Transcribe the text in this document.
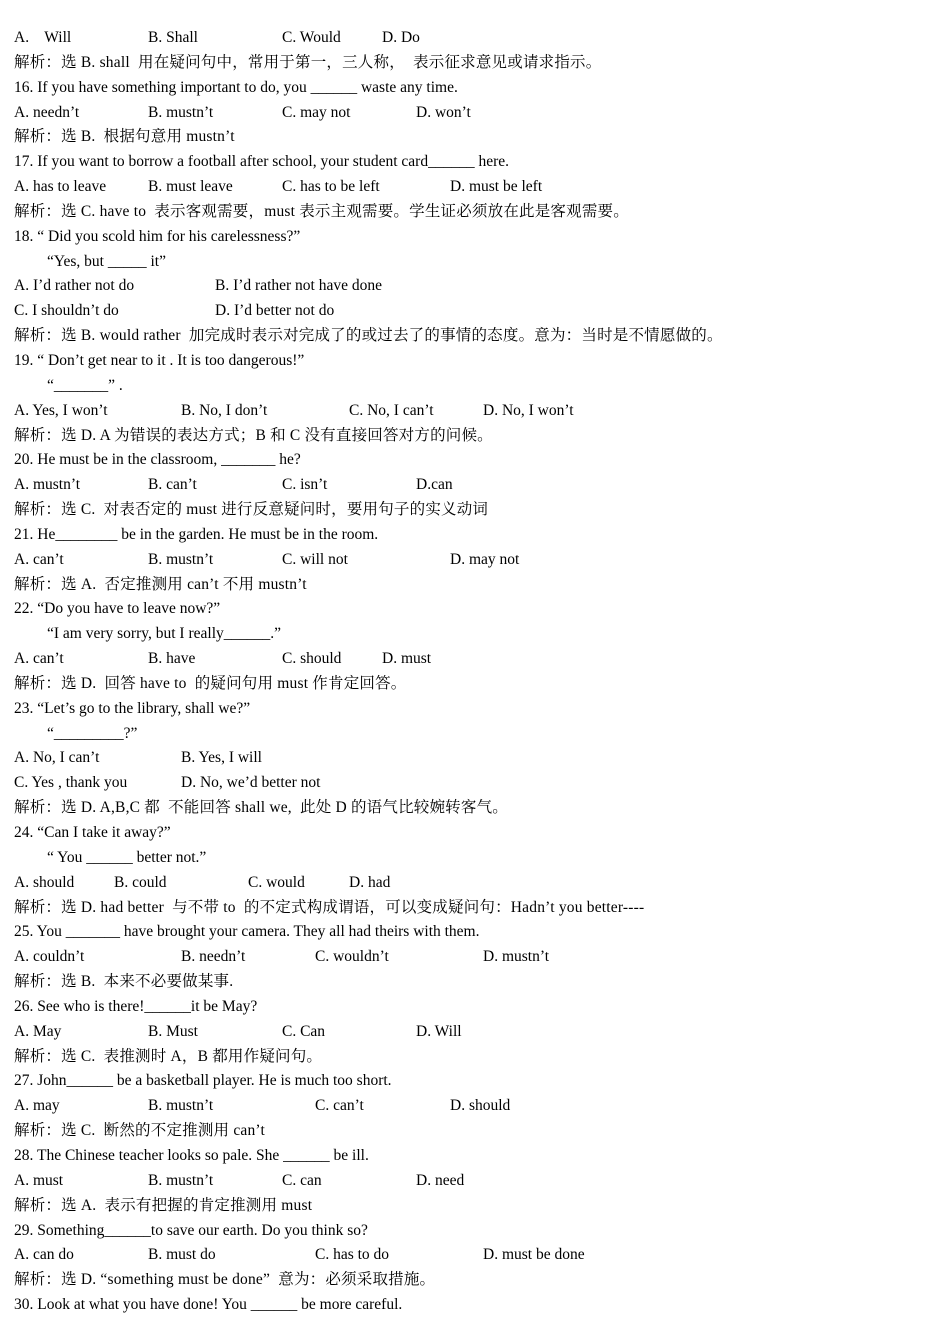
A.    Will	B. Shall	C. Would	D. Do
解析：选 B. shall  用在疑问句中，常用于第一，三人称，  表示征求意见或请求指示。
16. If you have something important to do, you ______ waste any time.
A. needn’t	B. mustn’t	C. may not	D. won’t
解析：选 B.  根据句意用 mustn’t
17. If you want to borrow a football after school, your student card______ here.
A. has to leave	B. must leave	C. has to be left	D. must be left
解析：选 C. have to  表示客观需要，must 表示主观需要。学生证必须放在此是客观需要。
18. “ Did you scold him for his carelessness?”
“Yes, but _____ it”
A. I’d rather not do	B. I’d rather not have done
C. I shouldn’t do	D. I’d better not do
解析：选 B. would rather  加完成时表示对完成了的或过去了的事情的态度。意为：当时是不情愿做的。
19. “ Don’t get near to it . It is too dangerous!”
“_______” .
A. Yes, I won’t	B. No, I don’t	C. No, I can’t	D. No, I won’t
解析：选 D. A 为错误的表达方式；B 和 C 没有直接回答对方的问候。
20. He must be in the classroom, _______ he?
A. mustn’t	B. can’t	C. isn’t	D.can
解析：选 C.  对表否定的 must 进行反意疑问时，要用句子的实义动词
21. He________ be in the garden. He must be in the room.
A. can’t	B. mustn’t	C. will not	D. may not
解析：选 A.  否定推测用 can’t 不用 mustn’t
22. “Do you have to leave now?”
“I am very sorry, but I really______.”
A. can’t	B. have	C. should	D. must
解析：选 D.  回答 have to  的疑问句用 must 作肯定回答。
23. “Let’s go to the library, shall we?”
“_________?”
A. No, I can’t	B. Yes, I will
C. Yes , thank you	D. No, we’d better not
解析：选 D. A,B,C 都  不能回答 shall we,  此处 D 的语气比较婉转客气。
24. “Can I take it away?”
“ You ______ better not.”
A. should	B. could	C. would	D. had
解析：选 D. had better  与不带 to  的不定式构成谓语，可以变成疑问句：Hadn’t you better----
25. You _______ have brought your camera. They all had theirs with them.
A. couldn’t	B. needn’t	C. wouldn’t	D. mustn’t
解析：选 B.  本来不必要做某事.
26. See who is there!______it be May?
A. May	B. Must	C. Can	D. Will
解析：选 C.  表推测时 A，B 都用作疑问句。
27. John______ be a basketball player. He is much too short.
A. may	B. mustn’t	C. can’t	D. should
解析：选 C.  断然的不定推测用 can’t
28. The Chinese teacher looks so pale. She ______ be ill.
A. must	B. mustn’t	C. can	D. need
解析：选 A.  表示有把握的肯定推测用 must
29. Something______to save our earth. Do you think so?
A. can do	B. must do	C. has to do	D. must be done
解析：选 D. “something must be done”  意为：必须采取措施。
30. Look at what you have done! You ______ be more careful.
